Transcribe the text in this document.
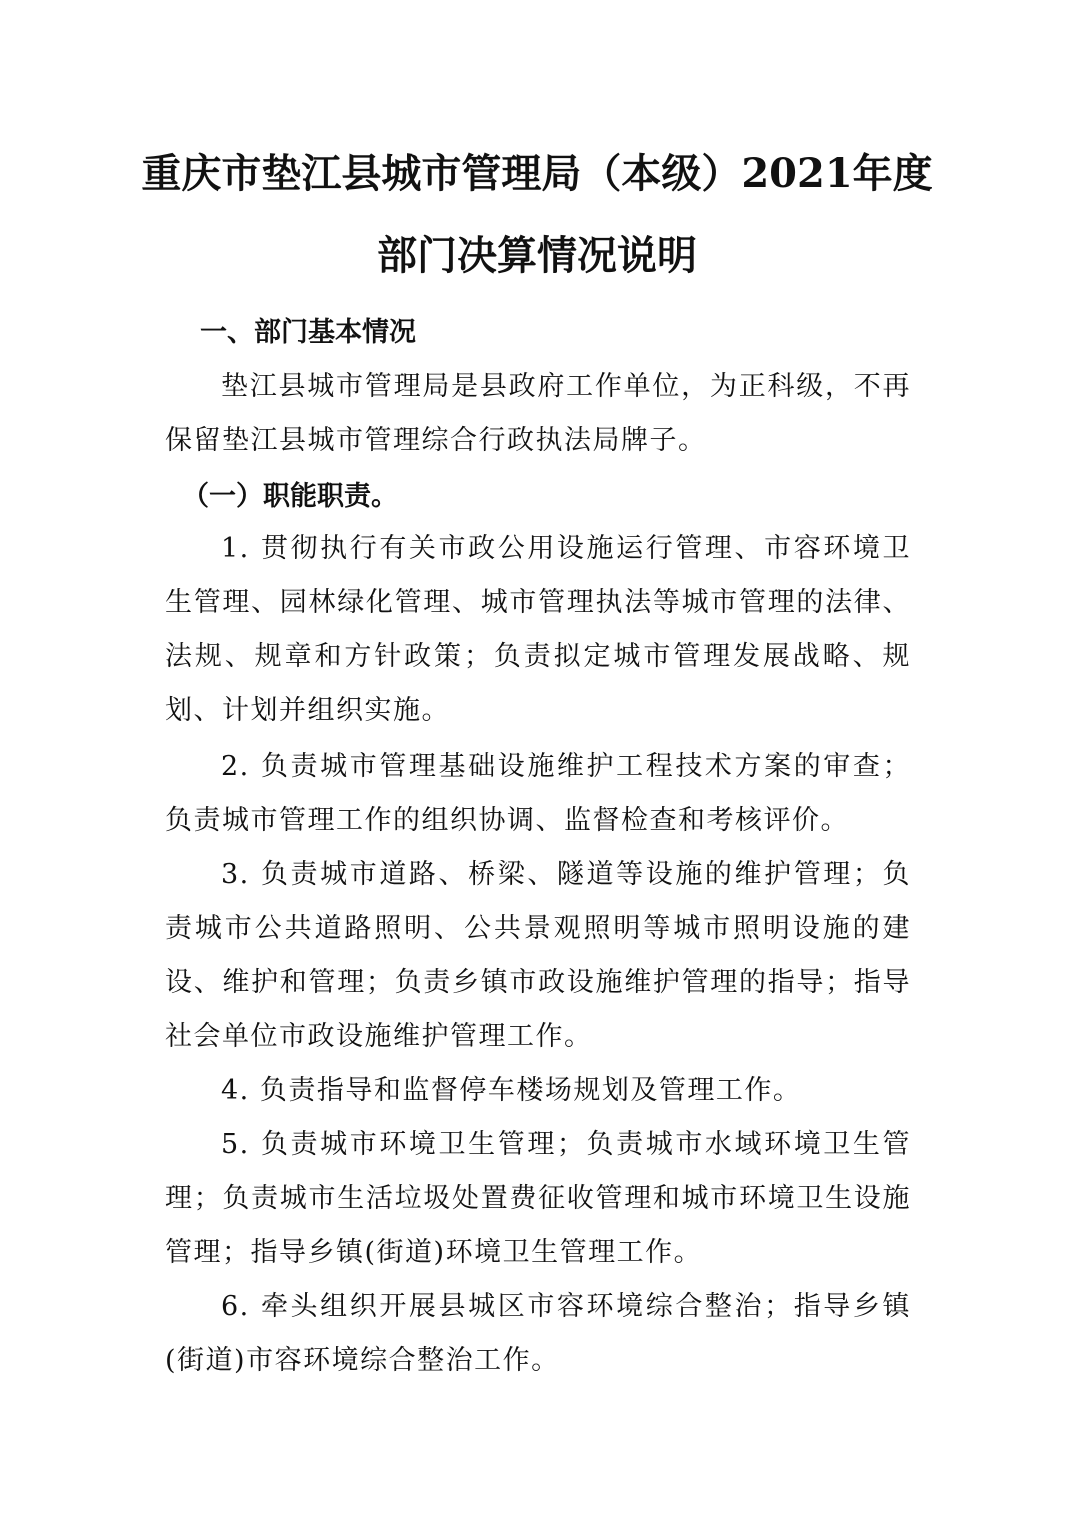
重庆市垫江县城市管理局（本级）2021年度
部门决算情况说明
一、部门基本情况

垫江县城市管理局是县政府工作单位，为正科级，不再保留垫江县城市管理综合行政执法局牌子。

（一）职能职责。

1. 贯彻执行有关市政公用设施运行管理、市容环境卫生管理、园林绿化管理、城市管理执法等城市管理的法律、法规、规章和方针政策；负责拟定城市管理发展战略、规划、计划并组织实施。

2. 负责城市管理基础设施维护工程技术方案的审查；负责城市管理工作的组织协调、监督检查和考核评价。

3. 负责城市道路、桥梁、隧道等设施的维护管理；负责城市公共道路照明、公共景观照明等城市照明设施的建设、维护和管理；负责乡镇市政设施维护管理的指导；指导社会单位市政设施维护管理工作。

4. 负责指导和监督停车楼场规划及管理工作。

5. 负责城市环境卫生管理；负责城市水域环境卫生管理；负责城市生活垃圾处置费征收管理和城市环境卫生设施管理；指导乡镇(街道)环境卫生管理工作。

6. 牵头组织开展县城区市容环境综合整治；指导乡镇(街道)市容环境综合整治工作。
